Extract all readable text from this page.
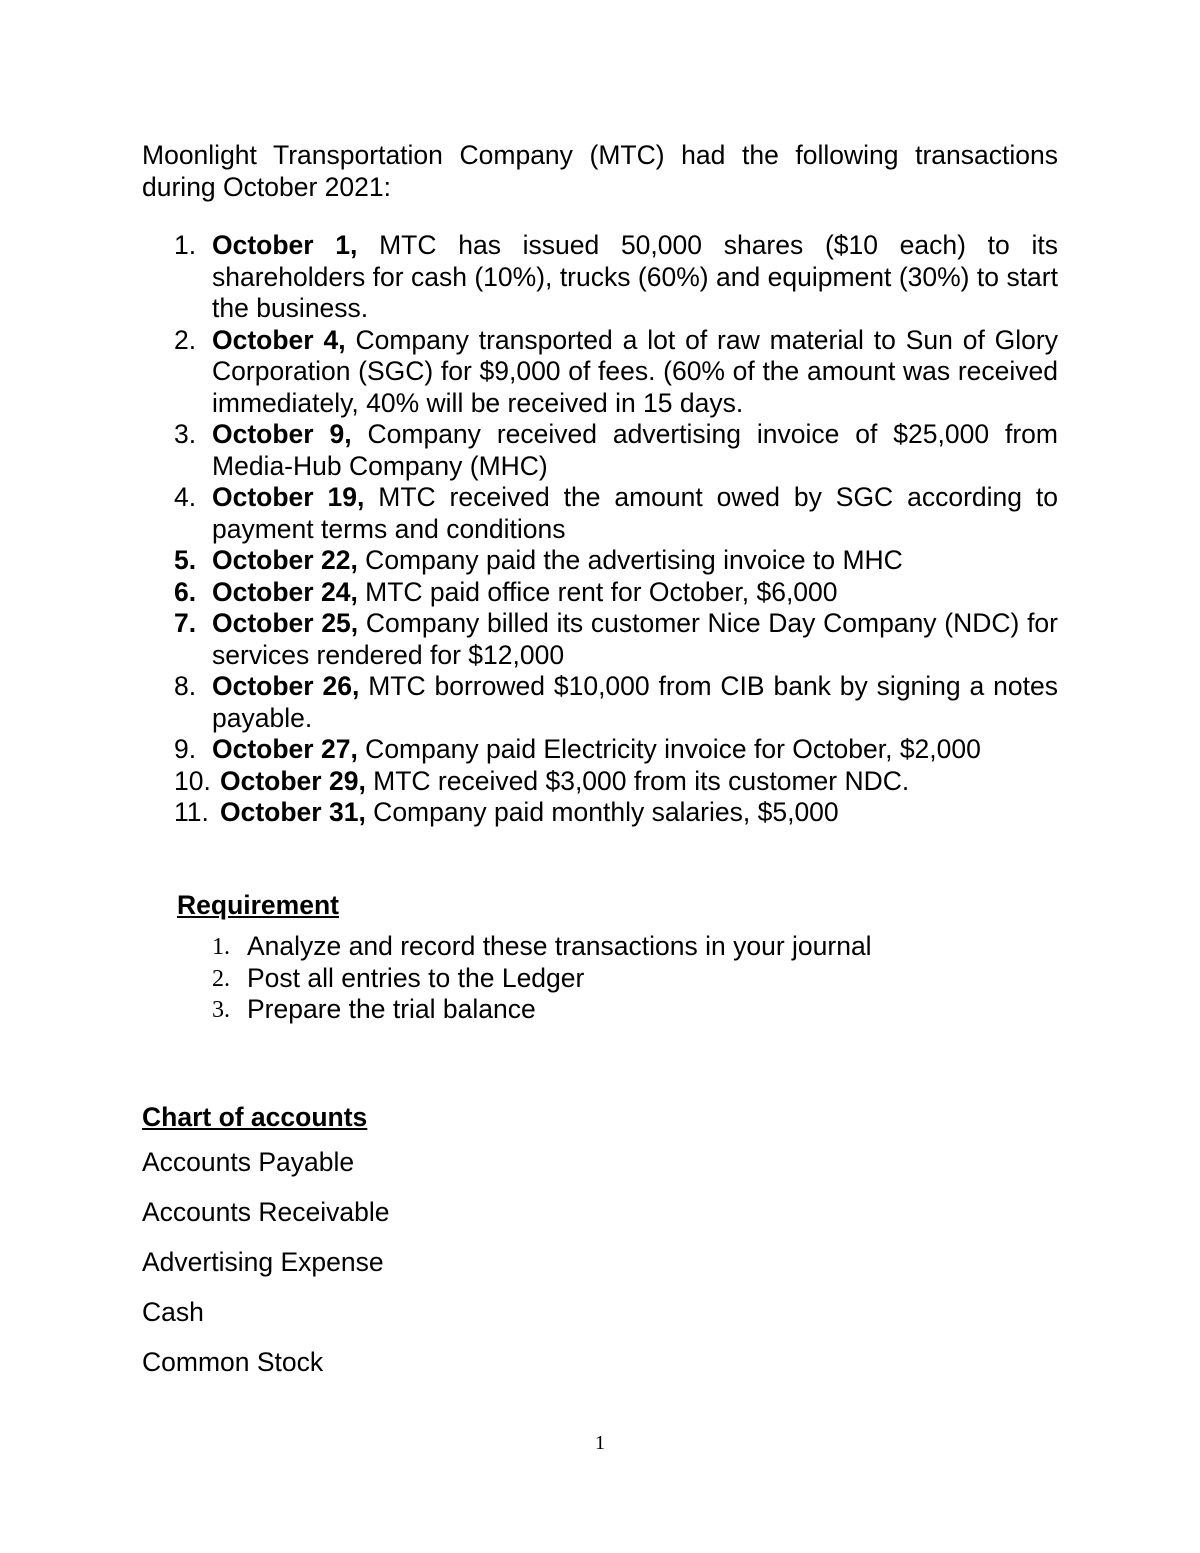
Moonlight Transportation Company (MTC) had the following transactions during October 2021:

1. October 1, MTC has issued 50,000 shares ($10 each) to its shareholders for cash (10%), trucks (60%) and equipment (30%) to start the business.
2. October 4, Company transported a lot of raw material to Sun of Glory Corporation (SGC) for $9,000 of fees. (60% of the amount was received immediately, 40% will be received in 15 days.
3. October 9, Company received advertising invoice of $25,000 from Media-Hub Company (MHC)
4. October 19, MTC received the amount owed by SGC according to payment terms and conditions
5. October 22, Company paid the advertising invoice to MHC
6. October 24, MTC paid office rent for October, $6,000
7. October 25, Company billed its customer Nice Day Company (NDC) for services rendered for $12,000
8. October 26, MTC borrowed $10,000 from CIB bank by signing a notes payable.
9. October 27, Company paid Electricity invoice for October, $2,000
10. October 29, MTC received $3,000 from its customer NDC.
11. October 31, Company paid monthly salaries, $5,000
Requirement
1. Analyze and record these transactions in your journal
2. Post all entries to the Ledger
3. Prepare the trial balance
Chart of accounts
Accounts Payable
Accounts Receivable
Advertising Expense
Cash
Common Stock
1
